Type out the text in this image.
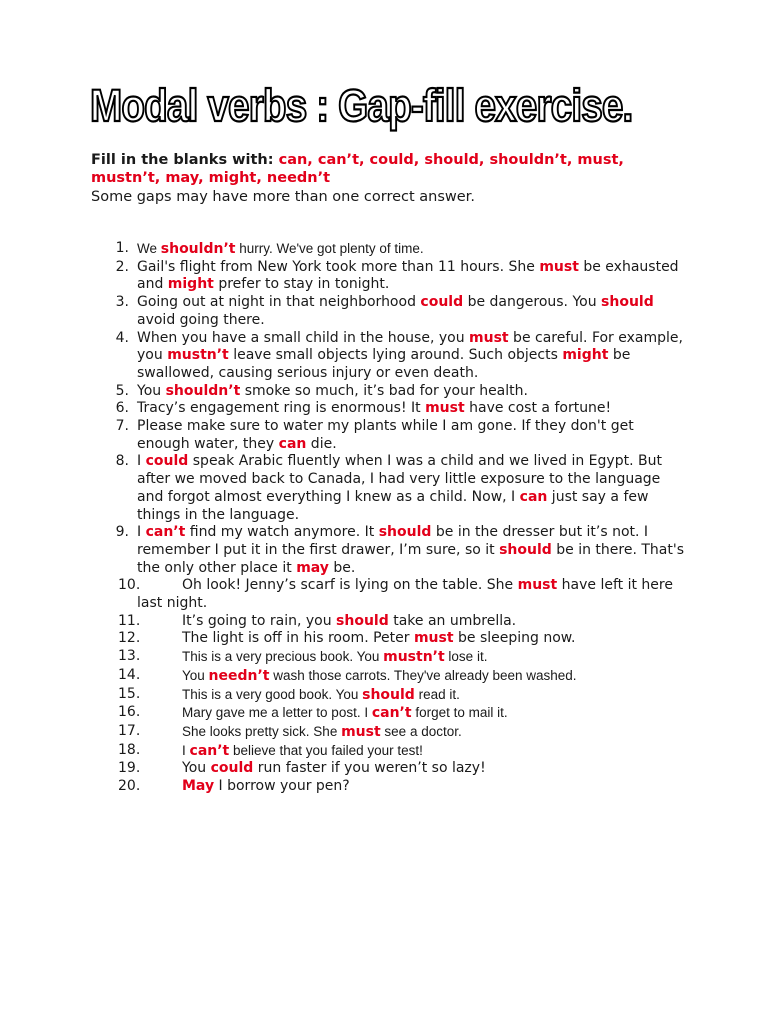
Modal verbs : Gap-fill exercise.
Fill in the blanks with: can, can’t, could, should, shouldn’t, must, mustn’t, may, might, needn’t
Some gaps may have more than one correct answer.
1. We shouldn’t hurry. We've got plenty of time.
2. Gail's flight from New York took more than 11 hours. She must be exhausted and might prefer to stay in tonight.
3. Going out at night in that neighborhood could be dangerous. You should avoid going there.
4. When you have a small child in the house, you must be careful. For example, you mustn’t leave small objects lying around. Such objects might be swallowed, causing serious injury or even death.
5. You shouldn’t smoke so much, it’s bad for your health.
6. Tracy’s engagement ring is enormous! It must have cost a fortune!
7. Please make sure to water my plants while I am gone. If they don't get enough water, they can die.
8. I could speak Arabic fluently when I was a child and we lived in Egypt. But after we moved back to Canada, I had very little exposure to the language and forgot almost everything I knew as a child. Now, I can just say a few things in the language.
9. I can’t find my watch anymore. It should be in the dresser but it’s not. I remember I put it in the first drawer, I’m sure, so it should be in there. That's the only other place it may be.
10.	Oh look! Jenny’s scarf is lying on the table. She must have left it here last night.
11.	It’s going to rain, you should take an umbrella.
12.	The light is off in his room. Peter must be sleeping now.
13.	This is a very precious book. You mustn’t lose it.
14.	You needn’t wash those carrots. They've already been washed.
15.	This is a very good book. You should read it.
16.	Mary gave me a letter to post. I can’t forget to mail it.
17.	She looks pretty sick. She must see a doctor.
18.	I can’t believe that you failed your test!
19.	You could run faster if you weren’t so lazy!
20.	May I borrow your pen?
